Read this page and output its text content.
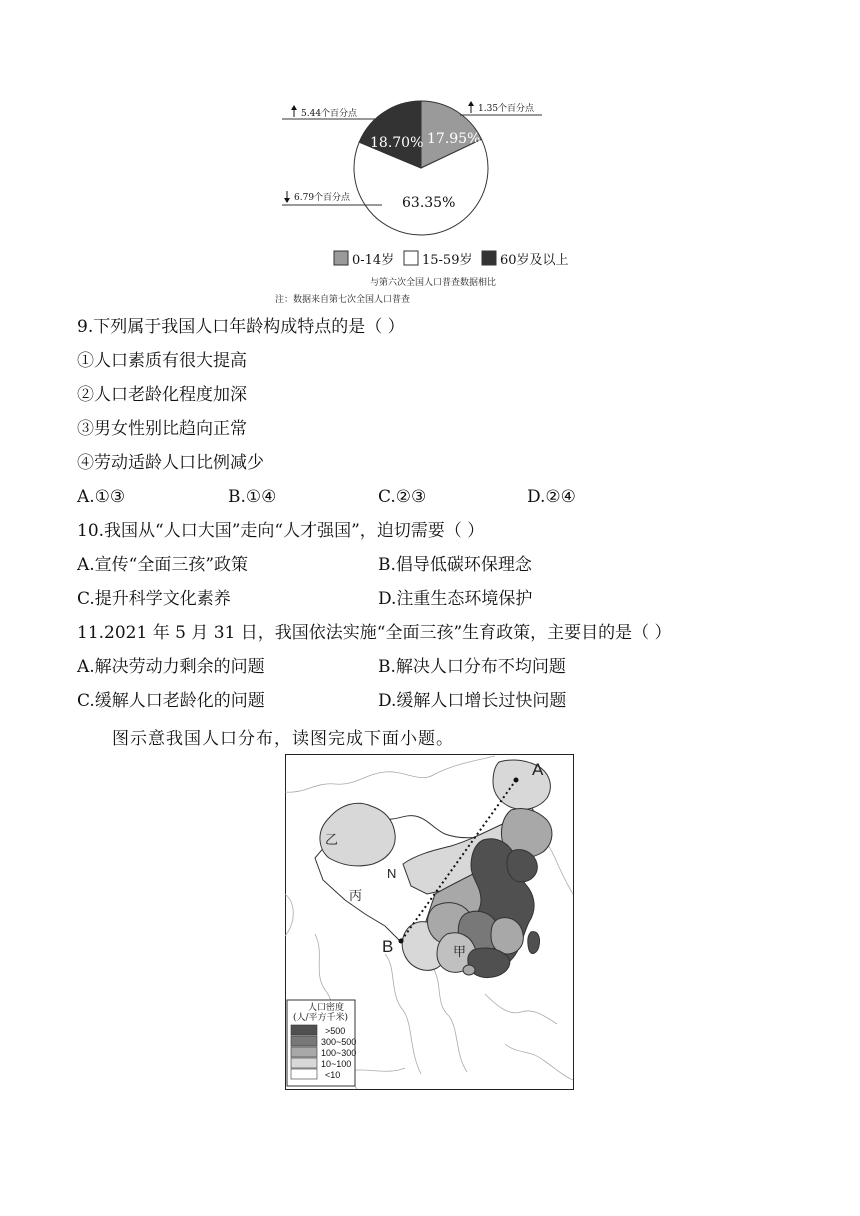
5.44个百分点	1.35个百分点
6.79个百分点
18.70% 17.95%
63.35%
0-14岁 15-59岁 60岁及以上
与第六次全国人口普查数据相比
注：数据来自第七次全国人口普查
9.下列属于我国人口年龄构成特点的是（ ）
①人口素质有很大提高
②人口老龄化程度加深
③男女性别比趋向正常
④劳动适龄人口比例减少
A.①③	B.①④	C.②③	D.②④
10.我国从“人口大国”走向“人才强国”，迫切需要（ ）
A.宣传“全面三孩”政策	B.倡导低碳环保理念
C.提升科学文化素养	D.注重生态环境保护
11.2021 年 5 月 31 日，我国依法实施“全面三孩”生育政策，主要目的是（ ）
A.解决劳动力剩余的问题	B.解决人口分布不均问题
C.缓解人口老龄化的问题	D.缓解人口增长过快问题
图示意我国人口分布，读图完成下面小题。
A
B
乙
N
丙
甲
人口密度
(人/平方千米)
>500
300~500
100~300
10~100
<10
